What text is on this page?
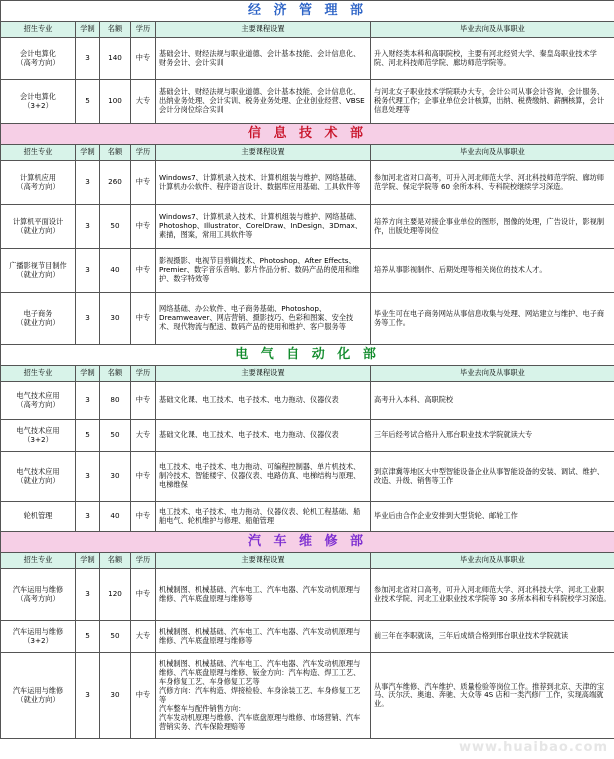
经 济 管 理 部					
招生专业	学制	名额	学历	主要课程设置	毕业去向及从事职业
会计电算化
（高考方向）	3	140	中专	基础会计、财经法规与职业道德、会计基本技能、会计信息化、财务会计、会计实训	升入财经类本科和高职院校，主要有河北经贸大学、秦皇岛职业技术学院、河北科技师范学院、廊坊师范学院等。
会计电算化
（3+2）	5	100	大专	基础会计、财经法规与职业道德、会计基本技能、会计信息化、出纳业务处理、会计实训、税务业务处理、企业创业经营、VBSE 会计分岗位综合实训	与河北女子职业技术学院联办大专，会计公司从事会计咨询、会计服务、税务代理工作；企事业单位会计核算，出纳、税费缴纳、薪酬核算，会计信息处理等
信 息 技 术 部					
招生专业	学制	名额	学历	主要课程设置	毕业去向及从事职业
计算机应用
（高考方向）	3	260	中专	Windows7、计算机录入技术、计算机组装与维护、网络基础、计算机办公软件、程序语言设计、数据库应用基础、工具软件等	参加河北省对口高考，可升入河北师范大学、河北科技师范学院、廊坊师范学院、保定学院等 60 余所本科、专科院校继续学习深造。
计算机平面设计
（就业方向）	3	50	中专	Windows7、计算机录入技术、计算机组装与维护、网络基础、Photoshop、Illustrator、CorelDraw、InDesign、3Dmax、素描，图案，常用工具软件等	培养方向主要是对接企事业单位的图形，图像的处理，广告设计，影视制作，出版处理等岗位
广播影视节目制作
（就业方向）	3	40	中专	影视摄影、电视节目剪辑技术、Photoshop、After Effects、Premier、数字音乐音响、影片作品分析、数码产品的使用和维护、数字特效等	培养从事影视制作、后期处理等相关岗位的技术人才。
电子商务
（就业方向）	3	30	中专	网络基础、办公软件、电子商务基础、Photoshop、Dreamweaver、网店营销、摄影技巧、色彩和图案、安全技术、现代物流与配送、数码产品的使用和维护、客户服务等	毕业生可在电子商务网站从事信息收集与处理、网站建立与维护、电子商务等工作。
电 气 自 动 化 部					
招生专业	学制	名额	学历	主要课程设置	毕业去向及从事职业
电气技术应用
（高考方向）	3	80	中专	基础文化课、电工技术、电子技术、电力拖动、仪器仪表	高考升入本科、高职院校
电气技术应用
（3+2）	5	50	大专	基础文化课、电工技术、电子技术、电力拖动、仪器仪表	三年后经考试合格升入邢台职业技术学院就读大专
电气技术应用
（就业方向）	3	30	中专	电工技术、电子技术、电力拖动、可编程控制器、单片机技术、制冷技术、智能楼宇、仪器仪表、电路仿真、电梯结构与原理、电梯维保	到京津冀等地区大中型智能设备企业从事智能设备的安装、调试、维护、改造、升级、销售等工作
轮机管理	3	40	中专	电工技术、电子技术、电力拖动、仪器仪表、轮机工程基础、船舶电气、轮机维护与修理、船舶管理	毕业后由合作企业安排到大型货轮、邮轮工作
汽 车 维 修 部					
招生专业	学制	名额	学历	主要课程设置	毕业去向及从事职业
汽车运用与维修
（高考方向）	3	120	中专	机械制图、机械基础、汽车电工、汽车电器、汽车发动机原理与维修、汽车底盘原理与维修等	参加河北省对口高考，可升入河北师范大学、河北科技大学、河北工业职业技术学院、河北工业职业技术学院等 30 多所本科和专科院校学习深造。
汽车运用与维修
（3+2）	5	50	大专	机械制图、机械基础、汽车电工、汽车电器、汽车发动机原理与维修、汽车底盘原理与维修等	前三年在李职就读，三年后成绩合格到邢台职业技术学院就读
汽车运用与维修
（就业方向）	3	30	中专	机械制图、机械基础、汽车电工、汽车电器、汽车发动机原理与维修、汽车底盘原理与维修、钣金方向：汽车构造、焊工工艺、车身修复工艺、车身修复工艺等
汽修方向：汽车构造、焊接检验、车身涂装工艺、车身修复工艺等
汽车整车与配件销售方向：
汽车发动机原理与维修、汽车底盘原理与维修、市场营销、汽车营销实务、汽车保险理赔等	从事汽车维修、汽车维护、质量检验等岗位工作。推荐到北京、天津的宝马、沃尔沃、奥迪、奔驰、大众等 4S 店和一类汽修厂工作，实现高端就业。
www.huaibao.com
